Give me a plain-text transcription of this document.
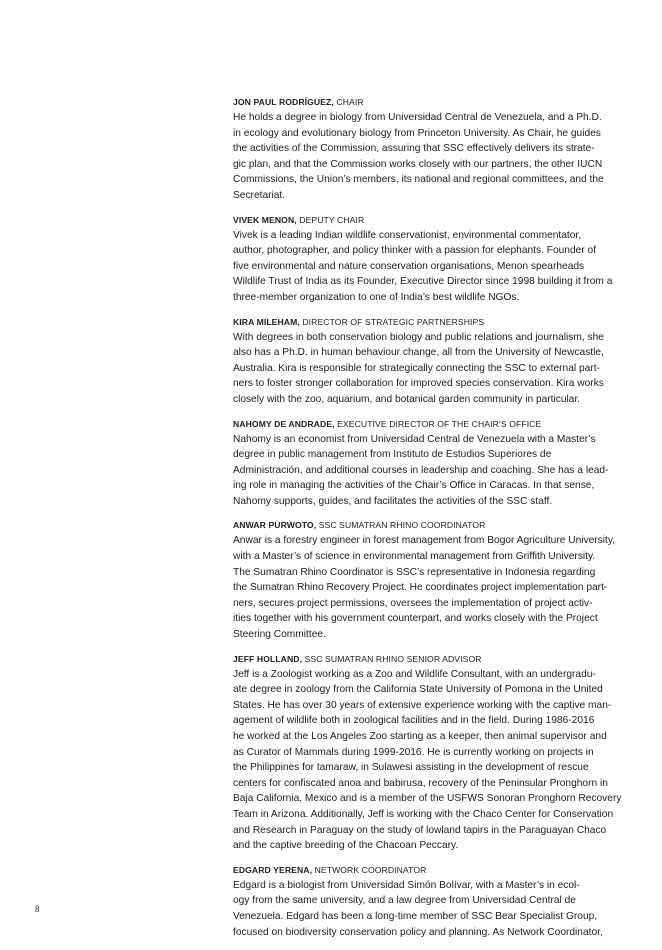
JON PAUL RODRÍGUEZ, CHAIR
He holds a degree in biology from Universidad Central de Venezuela, and a Ph.D.
in ecology and evolutionary biology from Princeton University. As Chair, he guides
the activities of the Commission, assuring that SSC effectively delivers its strate-
gic plan, and that the Commission works closely with our partners, the other IUCN
Commissions, the Union’s members, its national and regional committees, and the
Secretariat.
VIVEK MENON, DEPUTY CHAIR
Vivek is a leading Indian wildlife conservationist, environmental commentator,
author, photographer, and policy thinker with a passion for elephants. Founder of
five environmental and nature conservation organisations, Menon spearheads
Wildlife Trust of India as its Founder, Executive Director since 1998 building it from a
three-member organization to one of India’s best wildlife NGOs.
KIRA MILEHAM, DIRECTOR OF STRATEGIC PARTNERSHIPS
With degrees in both conservation biology and public relations and journalism, she
also has a Ph.D. in human behaviour change, all from the University of Newcastle,
Australia. Kira is responsible for strategically connecting the SSC to external part-
ners to foster stronger collaboration for improved species conservation. Kira works
closely with the zoo, aquarium, and botanical garden community in particular.
NAHOMY DE ANDRADE, EXECUTIVE DIRECTOR OF THE CHAIR’S OFFICE
Nahomy is an economist from Universidad Central de Venezuela with a Master’s
degree in public management from Instituto de Estudios Superiores de
Administración, and additional courses in leadership and coaching. She has a lead-
ing role in managing the activities of the Chair’s Office in Caracas. In that sense,
Nahomy supports, guides, and facilitates the activities of the SSC staff.
ANWAR PURWOTO, SSC SUMATRAN RHINO COORDINATOR
Anwar is a forestry engineer in forest management from Bogor Agriculture University,
with a Master’s of science in environmental management from Griffith University.
The Sumatran Rhino Coordinator is SSC’s representative in Indonesia regarding
the Sumatran Rhino Recovery Project. He coordinates project implementation part-
ners, secures project permissions, oversees the implementation of project activ-
ities together with his government counterpart, and works closely with the Project
Steering Committee.
JEFF HOLLAND, SSC SUMATRAN RHINO SENIOR ADVISOR
Jeff is a Zoologist working as a Zoo and Wildlife Consultant, with an undergradu-
ate degree in zoology from the California State University of Pomona in the United
States. He has over 30 years of extensive experience working with the captive man-
agement of wildlife both in zoological facilities and in the field. During 1986-2016
he worked at the Los Angeles Zoo starting as a keeper, then animal supervisor and
as Curator of Mammals during 1999-2016. He is currently working on projects in
the Philippines for tamaraw, in Sulawesi assisting in the development of rescue
centers for confiscated anoa and babirusa, recovery of the Peninsular Pronghorn in
Baja California, Mexico and is a member of the USFWS Sonoran Pronghorn Recovery
Team in Arizona. Additionally, Jeff is working with the Chaco Center for Conservation
and Research in Paraguay on the study of lowland tapirs in the Paraguayan Chaco
and the captive breeding of the Chacoan Peccary.
EDGARD YERENA, NETWORK COORDINATOR
Edgard is a biologist from Universidad Simón Bolívar, with a Master’s in ecol-
ogy from the same university, and a law degree from Universidad Central de
Venezuela. Edgard has been a long-time member of SSC Bear Specialist Group,
focused on biodiversity conservation policy and planning. As Network Coordinator,
8
